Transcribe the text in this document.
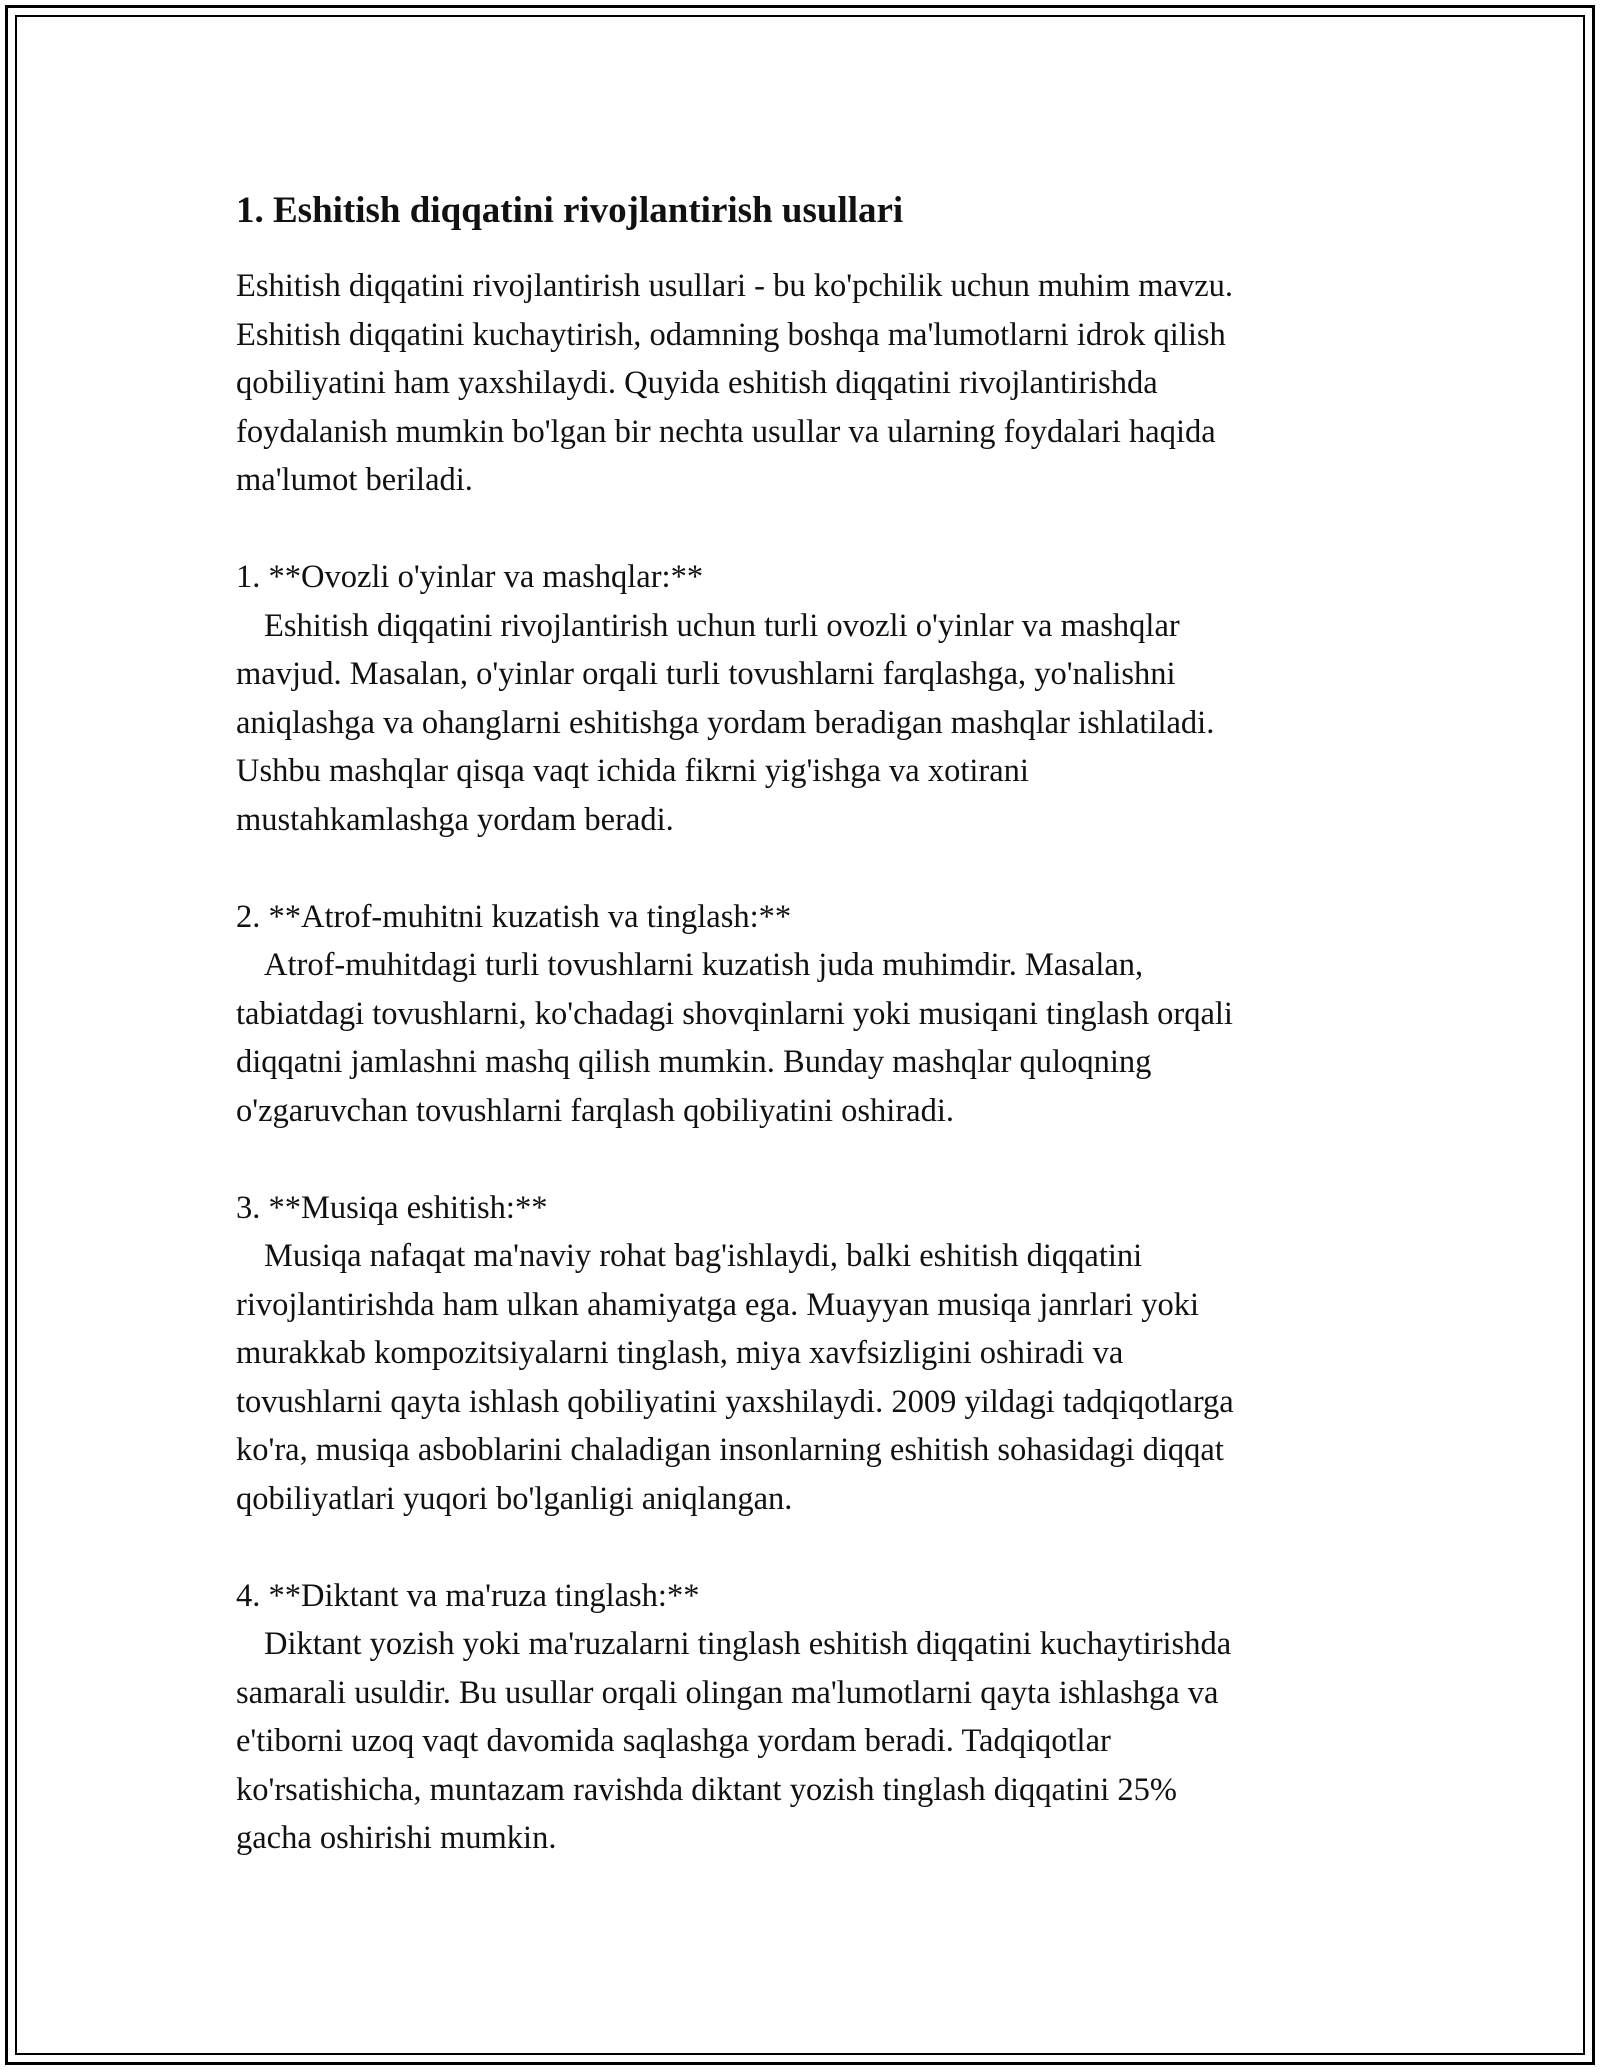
1. Eshitish diqqatini rivojlantirish usullari
Eshitish diqqatini rivojlantirish usullari - bu ko'pchilik uchun muhim mavzu.
Eshitish diqqatini kuchaytirish, odamning boshqa ma'lumotlarni idrok qilish
qobiliyatini ham yaxshilaydi. Quyida eshitish diqqatini rivojlantirishda
foydalanish mumkin bo'lgan bir nechta usullar va ularning foydalari haqida
ma'lumot beriladi.
1. **Ovozli o'yinlar va mashqlar:**
Eshitish diqqatini rivojlantirish uchun turli ovozli o'yinlar va mashqlar
mavjud. Masalan, o'yinlar orqali turli tovushlarni farqlashga, yo'nalishni
aniqlashga va ohanglarni eshitishga yordam beradigan mashqlar ishlatiladi.
Ushbu mashqlar qisqa vaqt ichida fikrni yig'ishga va xotirani
mustahkamlashga yordam beradi.
2. **Atrof-muhitni kuzatish va tinglash:**
Atrof-muhitdagi turli tovushlarni kuzatish juda muhimdir. Masalan,
tabiatdagi tovushlarni, ko'chadagi shovqinlarni yoki musiqani tinglash orqali
diqqatni jamlashni mashq qilish mumkin. Bunday mashqlar quloqning
o'zgaruvchan tovushlarni farqlash qobiliyatini oshiradi.
3. **Musiqa eshitish:**
Musiqa nafaqat ma'naviy rohat bag'ishlaydi, balki eshitish diqqatini
rivojlantirishda ham ulkan ahamiyatga ega. Muayyan musiqa janrlari yoki
murakkab kompozitsiyalarni tinglash, miya xavfsizligini oshiradi va
tovushlarni qayta ishlash qobiliyatini yaxshilaydi. 2009 yildagi tadqiqotlarga
ko'ra, musiqa asboblarini chaladigan insonlarning eshitish sohasidagi diqqat
qobiliyatlari yuqori bo'lganligi aniqlangan.
4. **Diktant va ma'ruza tinglash:**
Diktant yozish yoki ma'ruzalarni tinglash eshitish diqqatini kuchaytirishda
samarali usuldir. Bu usullar orqali olingan ma'lumotlarni qayta ishlashga va
e'tiborni uzoq vaqt davomida saqlashga yordam beradi. Tadqiqotlar
ko'rsatishicha, muntazam ravishda diktant yozish tinglash diqqatini 25%
gacha oshirishi mumkin.
